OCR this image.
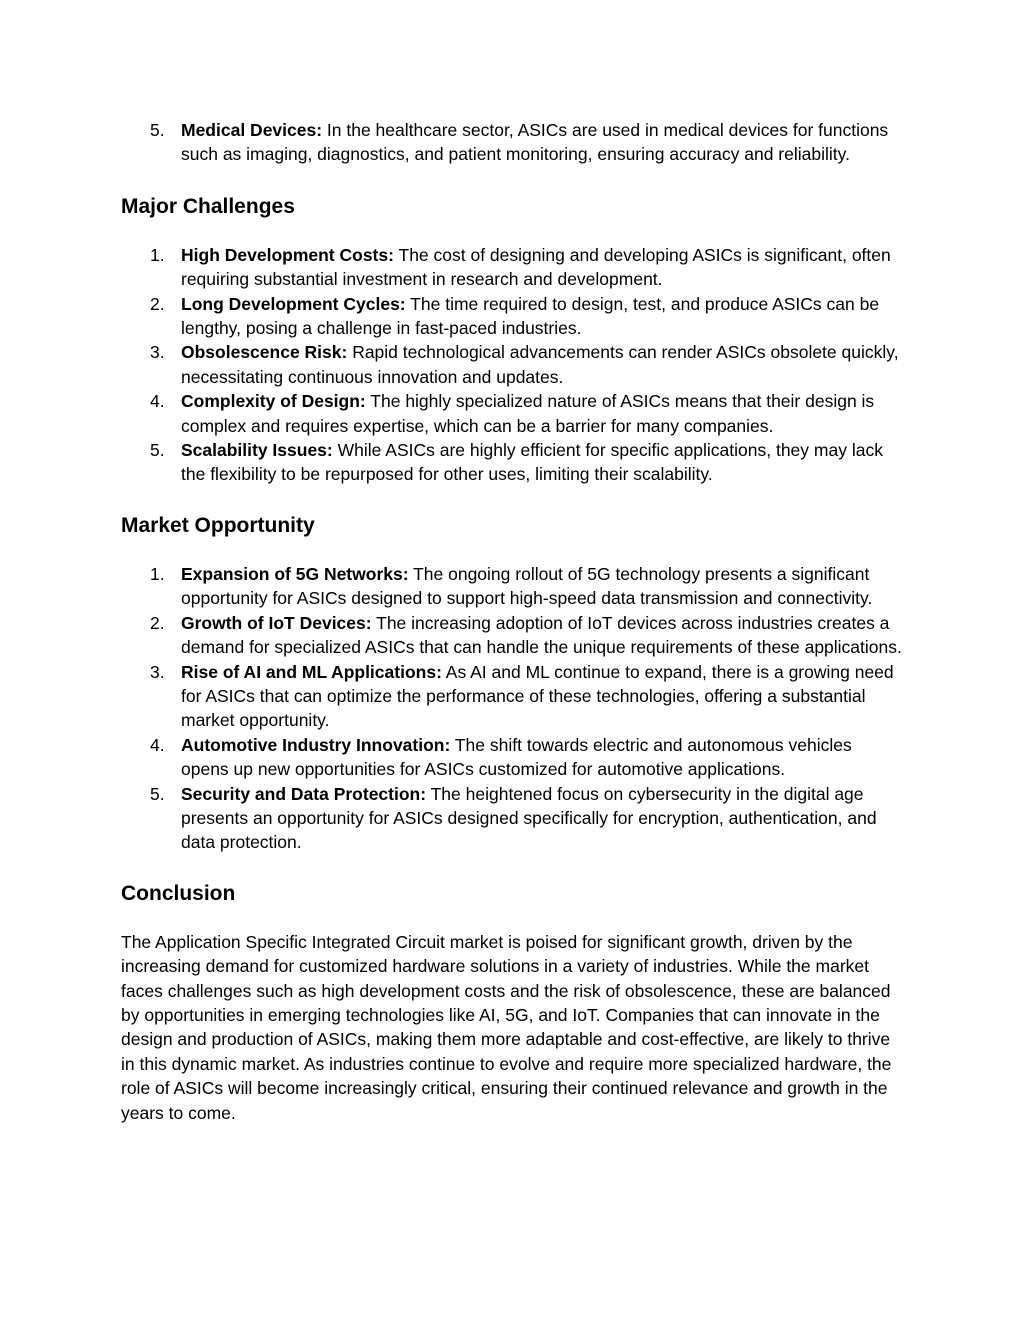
5. Medical Devices: In the healthcare sector, ASICs are used in medical devices for functions such as imaging, diagnostics, and patient monitoring, ensuring accuracy and reliability.
Major Challenges
1. High Development Costs: The cost of designing and developing ASICs is significant, often requiring substantial investment in research and development.
2. Long Development Cycles: The time required to design, test, and produce ASICs can be lengthy, posing a challenge in fast-paced industries.
3. Obsolescence Risk: Rapid technological advancements can render ASICs obsolete quickly, necessitating continuous innovation and updates.
4. Complexity of Design: The highly specialized nature of ASICs means that their design is complex and requires expertise, which can be a barrier for many companies.
5. Scalability Issues: While ASICs are highly efficient for specific applications, they may lack the flexibility to be repurposed for other uses, limiting their scalability.
Market Opportunity
1. Expansion of 5G Networks: The ongoing rollout of 5G technology presents a significant opportunity for ASICs designed to support high-speed data transmission and connectivity.
2. Growth of IoT Devices: The increasing adoption of IoT devices across industries creates a demand for specialized ASICs that can handle the unique requirements of these applications.
3. Rise of AI and ML Applications: As AI and ML continue to expand, there is a growing need for ASICs that can optimize the performance of these technologies, offering a substantial market opportunity.
4. Automotive Industry Innovation: The shift towards electric and autonomous vehicles opens up new opportunities for ASICs customized for automotive applications.
5. Security and Data Protection: The heightened focus on cybersecurity in the digital age presents an opportunity for ASICs designed specifically for encryption, authentication, and data protection.
Conclusion

The Application Specific Integrated Circuit market is poised for significant growth, driven by the increasing demand for customized hardware solutions in a variety of industries. While the market faces challenges such as high development costs and the risk of obsolescence, these are balanced by opportunities in emerging technologies like AI, 5G, and IoT. Companies that can innovate in the design and production of ASICs, making them more adaptable and cost-effective, are likely to thrive in this dynamic market. As industries continue to evolve and require more specialized hardware, the role of ASICs will become increasingly critical, ensuring their continued relevance and growth in the years to come.
